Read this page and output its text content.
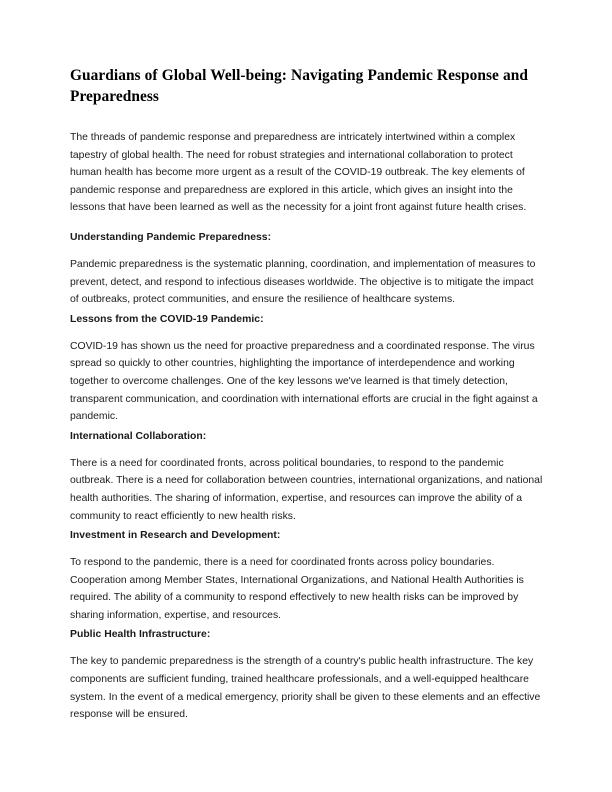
Guardians of Global Well-being: Navigating Pandemic Response and Preparedness

The threads of pandemic response and preparedness are intricately intertwined within a complex tapestry of global health. The need for robust strategies and international collaboration to protect human health has become more urgent as a result of the COVID-19 outbreak. The key elements of pandemic response and preparedness are explored in this article, which gives an insight into the lessons that have been learned as well as the necessity for a joint front against future health crises.

Understanding Pandemic Preparedness:

Pandemic preparedness is the systematic planning, coordination, and implementation of measures to prevent, detect, and respond to infectious diseases worldwide. The objective is to mitigate the impact of outbreaks, protect communities, and ensure the resilience of healthcare systems.

Lessons from the COVID-19 Pandemic:

COVID-19 has shown us the need for proactive preparedness and a coordinated response. The virus spread so quickly to other countries, highlighting the importance of interdependence and working together to overcome challenges. One of the key lessons we've learned is that timely detection, transparent communication, and coordination with international efforts are crucial in the fight against a pandemic.

International Collaboration:

There is a need for coordinated fronts, across political boundaries, to respond to the pandemic outbreak. There is a need for collaboration between countries, international organizations, and national health authorities. The sharing of information, expertise, and resources can improve the ability of a community to react efficiently to new health risks.

Investment in Research and Development:

To respond to the pandemic, there is a need for coordinated fronts across policy boundaries. Cooperation among Member States, International Organizations, and National Health Authorities is required. The ability of a community to respond effectively to new health risks can be improved by sharing information, expertise, and resources.

Public Health Infrastructure:

The key to pandemic preparedness is the strength of a country's public health infrastructure. The key components are sufficient funding, trained healthcare professionals, and a well-equipped healthcare system. In the event of a medical emergency, priority shall be given to these elements and an effective response will be ensured.
